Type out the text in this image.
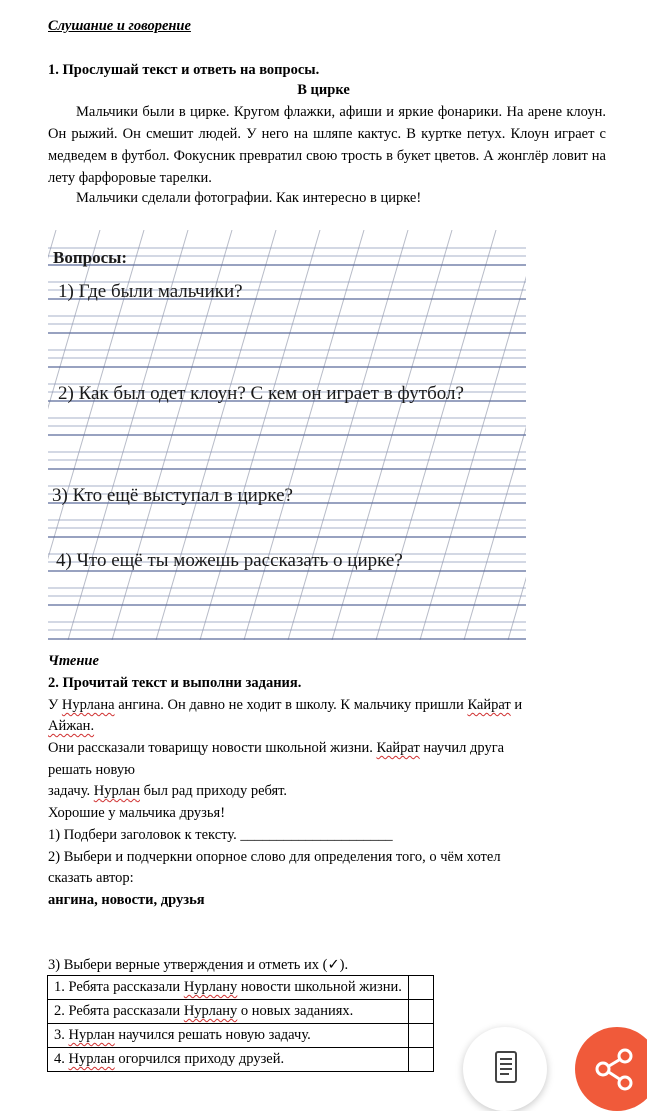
Слушание и говорение
1. Прослушай текст и ответь на вопросы.
В цирке
Мальчики были в цирке. Кругом флажки, афиши и яркие фонарики. На арене клоун. Он рыжий. Он смешит людей. У него на шляпе кактус. В куртке петух. Клоун играет с медведем в футбол. Фокусник превратил свою трость в букет цветов. А жонглёр ловит на лету фарфоровые тарелки.
Мальчики сделали фотографии. Как интересно в цирке!
Вопросы:
1) Где были мальчики?
2) Как был одет клоун? С кем он играет в футбол?
3) Кто ещё выступал в цирке?
4) Что ещё ты можешь рассказать о цирке?
Чтение
2. Прочитай текст и выполни задания.
У Нурлана ангина. Он давно не ходит в школу. К мальчику пришли Кайрат и
Айжан.
Они рассказали товарищу новости школьной жизни. Кайрат научил друга
решать новую
задачу. Нурлан был рад приходу ребят.
Хорошие у мальчика друзья!
1) Подбери заголовок к тексту. _____________________
2) Выбери и подчеркни опорное слово для определения того, о чём хотел
сказать автор:
ангина, новости, друзья
3) Выбери верные утверждения и отметь их (✓).
1. Ребята рассказали Нурлану новости школьной жизни.	
2. Ребята рассказали Нурлану о новых заданиях.	
3. Нурлан научился решать новую задачу.	
4. Нурлан огорчился приходу друзей.	
